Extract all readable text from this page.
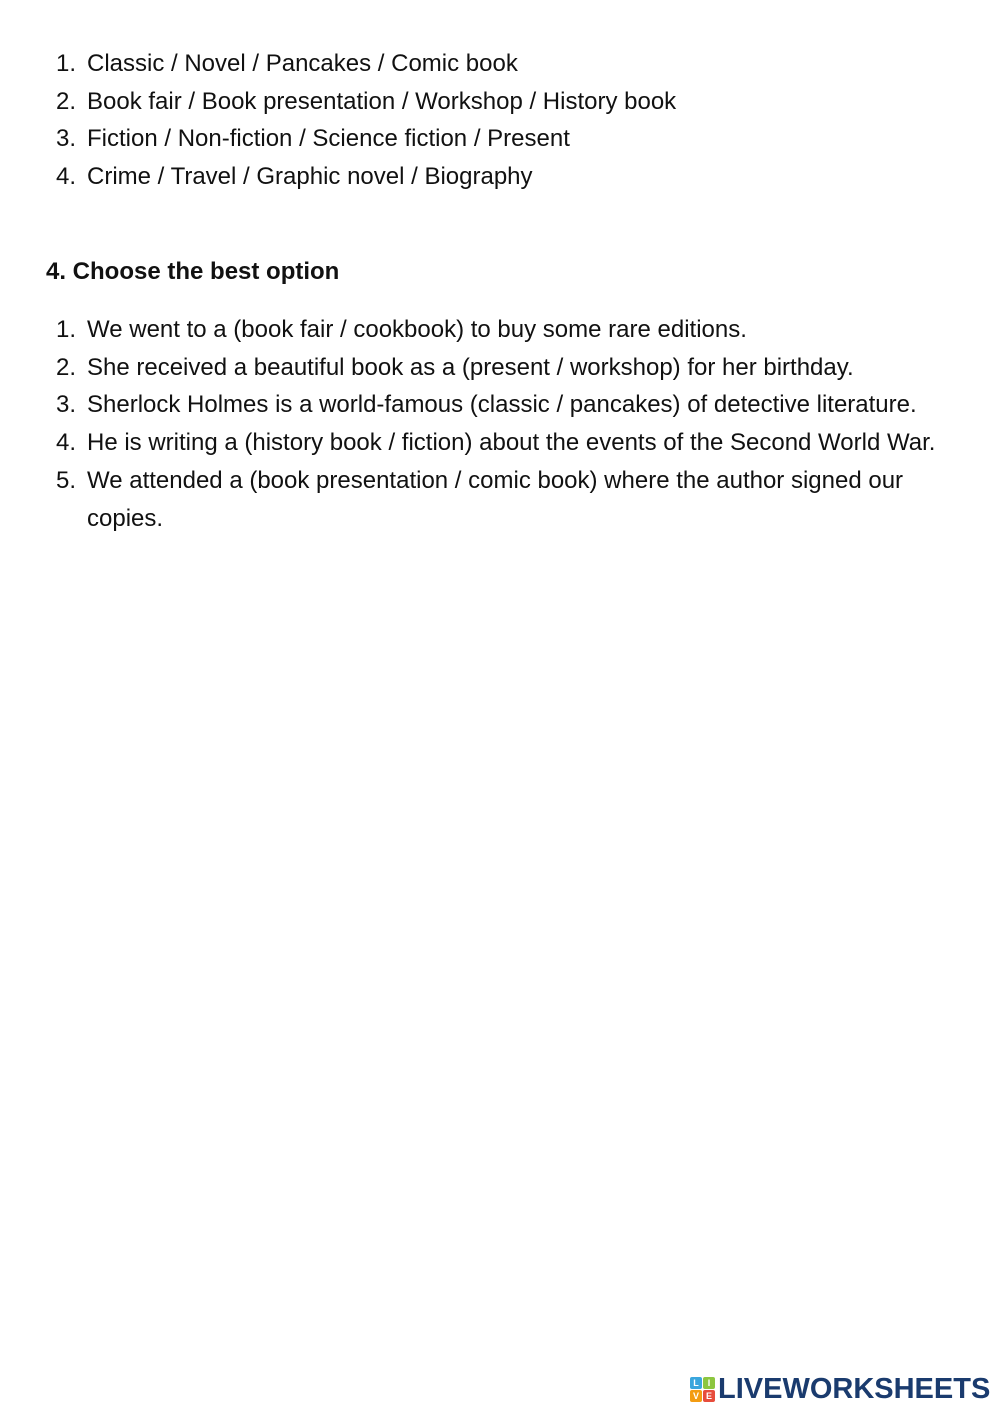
1. Classic / Novel / Pancakes / Comic book
2. Book fair / Book presentation / Workshop / History book
3. Fiction / Non-fiction / Science fiction / Present
4. Crime / Travel / Graphic novel / Biography
4. Choose the best option
1. We went to a (book fair / cookbook) to buy some rare editions.
2. She received a beautiful book as a (present / workshop) for her birthday.
3. Sherlock Holmes is a world-famous (classic / pancakes) of detective literature.
4. He is writing a (history book / fiction) about the events of the Second World War.
5. We attended a (book presentation / comic book) where the author signed our copies.
L I
V E LIVEWORKSHEETS
